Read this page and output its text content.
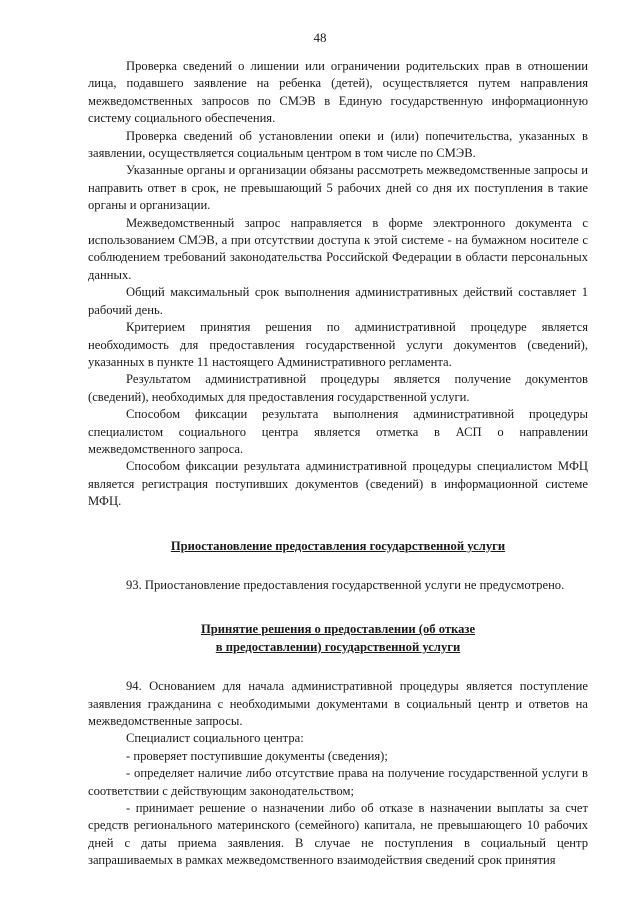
48

Проверка сведений о лишении или ограничении родительских прав в отношении лица, подавшего заявление на ребенка (детей), осуществляется путем направления межведомственных запросов по СМЭВ в Единую государственную информационную систему социального обеспечения.

Проверка сведений об установлении опеки и (или) попечительства, указанных в заявлении, осуществляется социальным центром в том числе по СМЭВ.

Указанные органы и организации обязаны рассмотреть межведомственные запросы и направить ответ в срок, не превышающий 5 рабочих дней со дня их поступления в такие органы и организации.

Межведомственный запрос направляется в форме электронного документа с использованием СМЭВ, а при отсутствии доступа к этой системе - на бумажном носителе с соблюдением требований законодательства Российской Федерации в области персональных данных.

Общий максимальный срок выполнения административных действий составляет 1 рабочий день.

Критерием принятия решения по административной процедуре является необходимость для предоставления государственной услуги документов (сведений), указанных в пункте 11 настоящего Административного регламента.

Результатом административной процедуры является получение документов (сведений), необходимых для предоставления государственной услуги.

Способом фиксации результата выполнения административной процедуры специалистом социального центра является отметка в АСП о направлении межведомственного запроса.

Способом фиксации результата административной процедуры специалистом МФЦ является регистрация поступивших документов (сведений) в информационной системе МФЦ.

Приостановление предоставления государственной услуги

93. Приостановление предоставления государственной услуги не предусмотрено.

Принятие решения о предоставлении (об отказе
в предоставлении) государственной услуги

94. Основанием для начала административной процедуры является поступление заявления гражданина с необходимыми документами в социальный центр и ответов на межведомственные запросы.

Специалист социального центра:

- проверяет поступившие документы (сведения);

- определяет наличие либо отсутствие права на получение государственной услуги в соответствии с действующим законодательством;

- принимает решение о назначении либо об отказе в назначении выплаты за счет средств регионального материнского (семейного) капитала, не превышающего 10 рабочих дней с даты приема заявления. В случае не поступления в социальный центр запрашиваемых в рамках межведомственного взаимодействия сведений срок принятия
